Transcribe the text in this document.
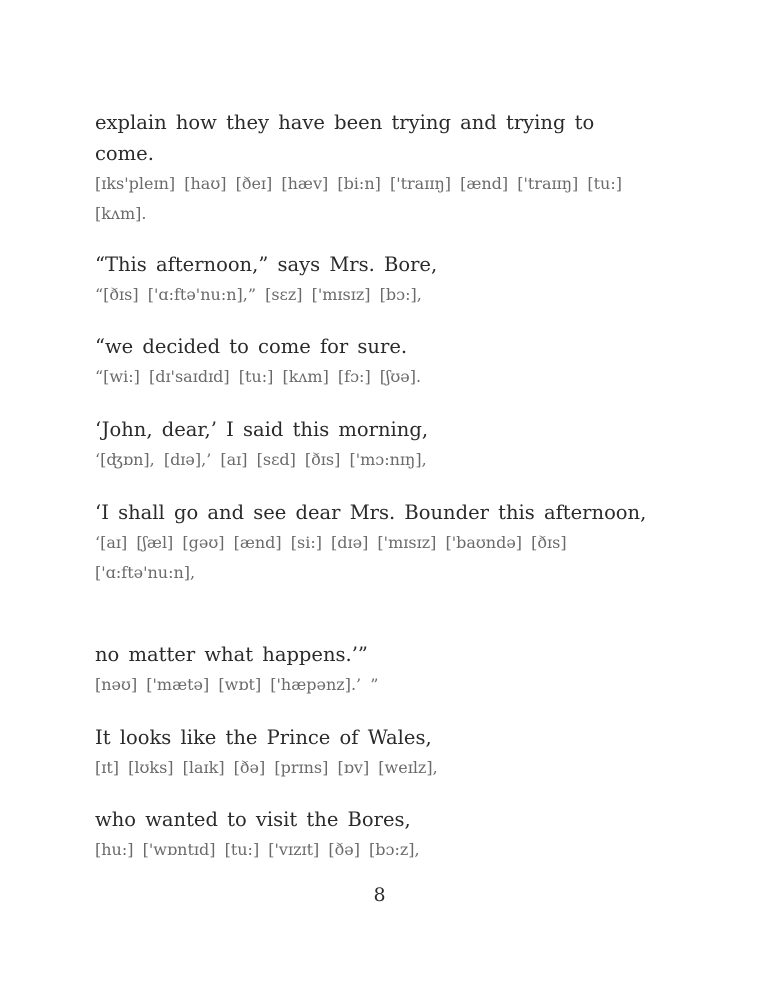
explain how they have been trying and trying to come.
[ɪks'pleɪn] [haʊ] [ðeɪ] [hæv] [bi:n] ['traɪɪŋ] [ænd] ['traɪɪŋ] [tu:] [kʌm].
“This afternoon,” says Mrs. Bore,
“[ðɪs] ['ɑ:ftə'nu:n],” [sɛz] ['mɪsɪz] [bɔ:],
“we decided to come for sure.
“[wi:] [dɪ'saɪdɪd] [tu:] [kʌm] [fɔ:] [ʃʊə].
‘John, dear,’ I said this morning,
‘[ʤɒn], [dɪə],’ [aɪ] [sɛd] [ðɪs] ['mɔ:nɪŋ],
‘I shall go and see dear Mrs. Bounder this afternoon,
‘[aɪ] [ʃæl] [gəʊ] [ænd] [si:] [dɪə] ['mɪsɪz] ['baʊndə] [ðɪs] ['ɑ:ftə'nu:n],
no matter what happens.’”
[nəʊ] ['mætə] [wɒt] ['hæpənz].’ ”
It looks like the Prince of Wales,
[ɪt] [lʊks] [laɪk] [ðə] [prɪns] [ɒv] [weɪlz],
who wanted to visit the Bores,
[hu:] ['wɒntɪd] [tu:] ['vɪzɪt] [ðə] [bɔ:z],
8
